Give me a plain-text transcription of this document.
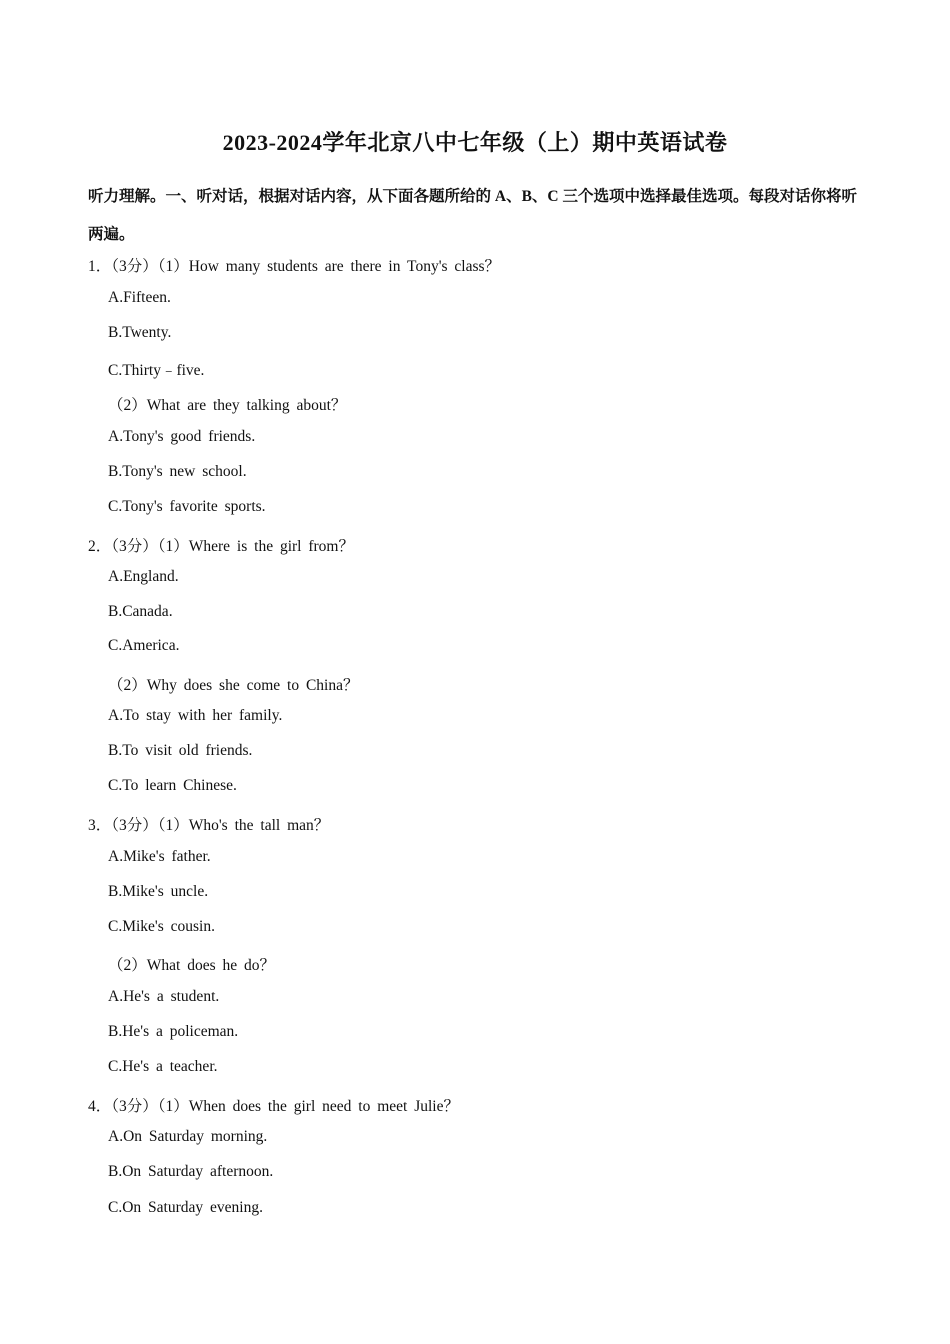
2023-2024学年北京八中七年级（上）期中英语试卷
听力理解。一、听对话，根据对话内容，从下面各题所给的 A、B、C 三个选项中选择最佳选项。每段对话你将听两遍。
1．（3分）（1）How many students are there in Tony's class？
A.Fifteen.
B.Twenty.
C.Thirty﹣five.
（2）What are they talking about？
A.Tony's good friends.
B.Tony's new school.
C.Tony's favorite sports.
2．（3分）（1）Where is the girl from？
A.England.
B.Canada.
C.America.
（2）Why does she come to China？
A.To stay with her family.
B.To visit old friends.
C.To learn Chinese.
3．（3分）（1）Who's the tall man？
A.Mike's father.
B.Mike's uncle.
C.Mike's cousin.
（2）What does he do？
A.He's a student.
B.He's a policeman.
C.He's a teacher.
4．（3分）（1）When does the girl need to meet Julie？
A.On Saturday morning.
B.On Saturday afternoon.
C.On Saturday evening.
